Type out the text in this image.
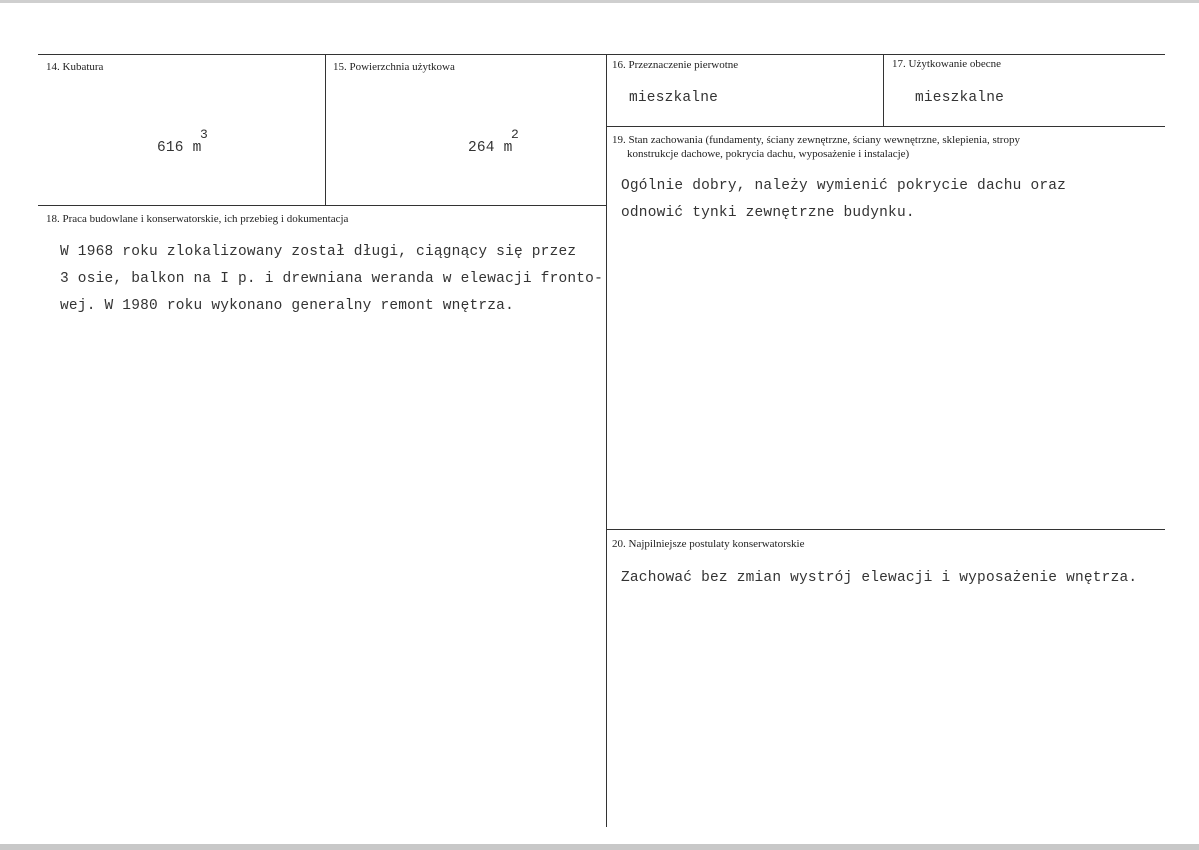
14. Kubatura
616 m
3
15. Powierzchnia użytkowa
264 m
2
16. Przeznaczenie pierwotne
mieszkalne
17. Użytkowanie obecne
mieszkalne
18. Praca budowlane i konserwatorskie, ich przebieg i dokumentacja
W 1968 roku zlokalizowany został długi, ciągnący się przez
3 osie, balkon na I p. i drewniana weranda w elewacji fronto-
wej. W 1980 roku wykonano generalny remont wnętrza.
19. Stan zachowania (fundamenty, ściany zewnętrzne, ściany wewnętrzne, sklepienia, stropy
konstrukcje dachowe, pokrycia dachu, wyposażenie i instalacje)
Ogólnie dobry, należy wymienić pokrycie dachu oraz
odnowić tynki zewnętrzne budynku.
20. Najpilniejsze postulaty konserwatorskie
Zachować bez zmian wystrój elewacji i wyposażenie wnętrza.
